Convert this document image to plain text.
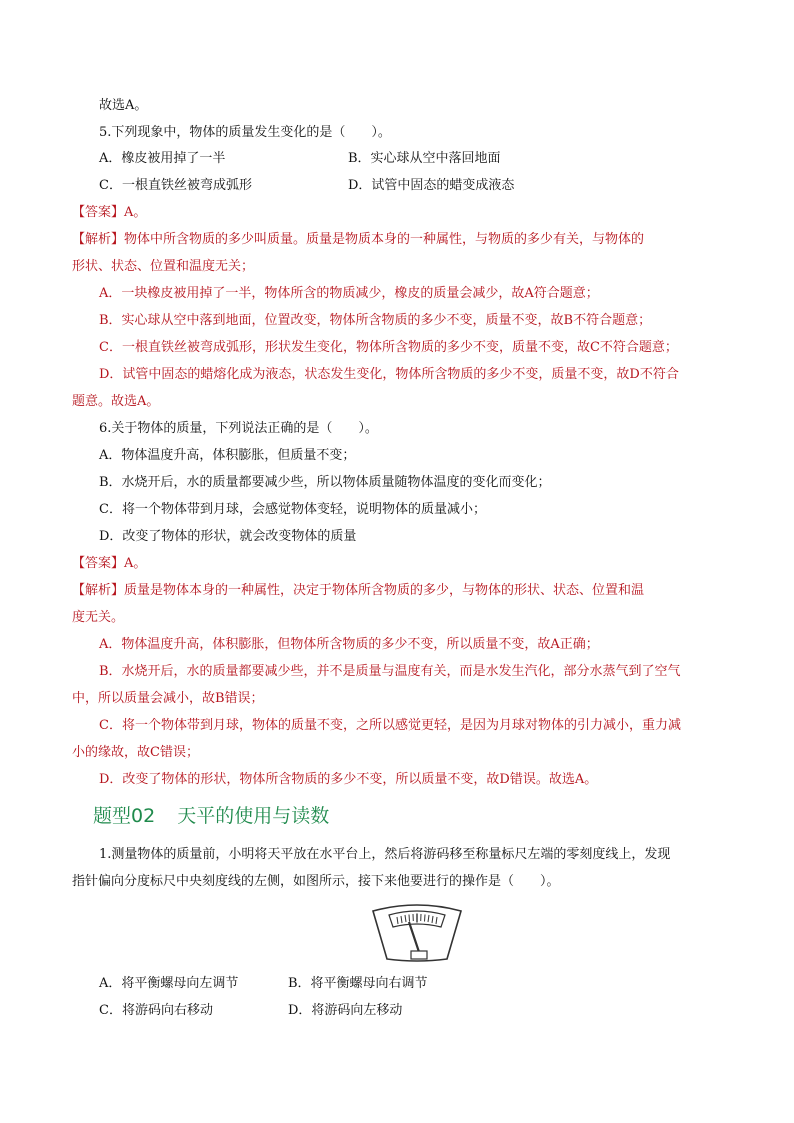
故选A。
5.下列现象中，物体的质量发生变化的是（　　）。
A．橡皮被用掉了一半	B．实心球从空中落回地面
C．一根直铁丝被弯成弧形	D．试管中固态的蜡变成液态
【答案】A。
【解析】物体中所含物质的多少叫质量。质量是物质本身的一种属性，与物质的多少有关，与物体的
形状、状态、位置和温度无关；
A．一块橡皮被用掉了一半，物体所含的物质减少，橡皮的质量会减少，故A符合题意；
B．实心球从空中落到地面，位置改变，物体所含物质的多少不变，质量不变，故B不符合题意；
C．一根直铁丝被弯成弧形，形状发生变化，物体所含物质的多少不变，质量不变，故C不符合题意；
D．试管中固态的蜡熔化成为液态，状态发生变化，物体所含物质的多少不变，质量不变，故D不符合
题意。故选A。
6.关于物体的质量，下列说法正确的是（　　）。
A．物体温度升高，体积膨胀，但质量不变；
B．水烧开后，水的质量都要减少些，所以物体质量随物体温度的变化而变化；
C．将一个物体带到月球，会感觉物体变轻，说明物体的质量减小；
D．改变了物体的形状，就会改变物体的质量
【答案】A。
【解析】质量是物体本身的一种属性，决定于物体所含物质的多少，与物体的形状、状态、位置和温
度无关。
A．物体温度升高，体积膨胀，但物体所含物质的多少不变，所以质量不变，故A正确；
B．水烧开后，水的质量都要减少些，并不是质量与温度有关，而是水发生汽化，部分水蒸气到了空气
中，所以质量会减小，故B错误；
C．将一个物体带到月球，物体的质量不变，之所以感觉更轻，是因为月球对物体的引力减小，重力减
小的缘故，故C错误；
D．改变了物体的形状，物体所含物质的多少不变，所以质量不变，故D错误。故选A。
题型02 天平的使用与读数
1.测量物体的质量前，小明将天平放在水平台上，然后将游码移至称量标尺左端的零刻度线上，发现
指针偏向分度标尺中央刻度线的左侧，如图所示，接下来他要进行的操作是（　　）。
A．将平衡螺母向左调节	B．将平衡螺母向右调节
C．将游码向右移动	D．将游码向左移动
